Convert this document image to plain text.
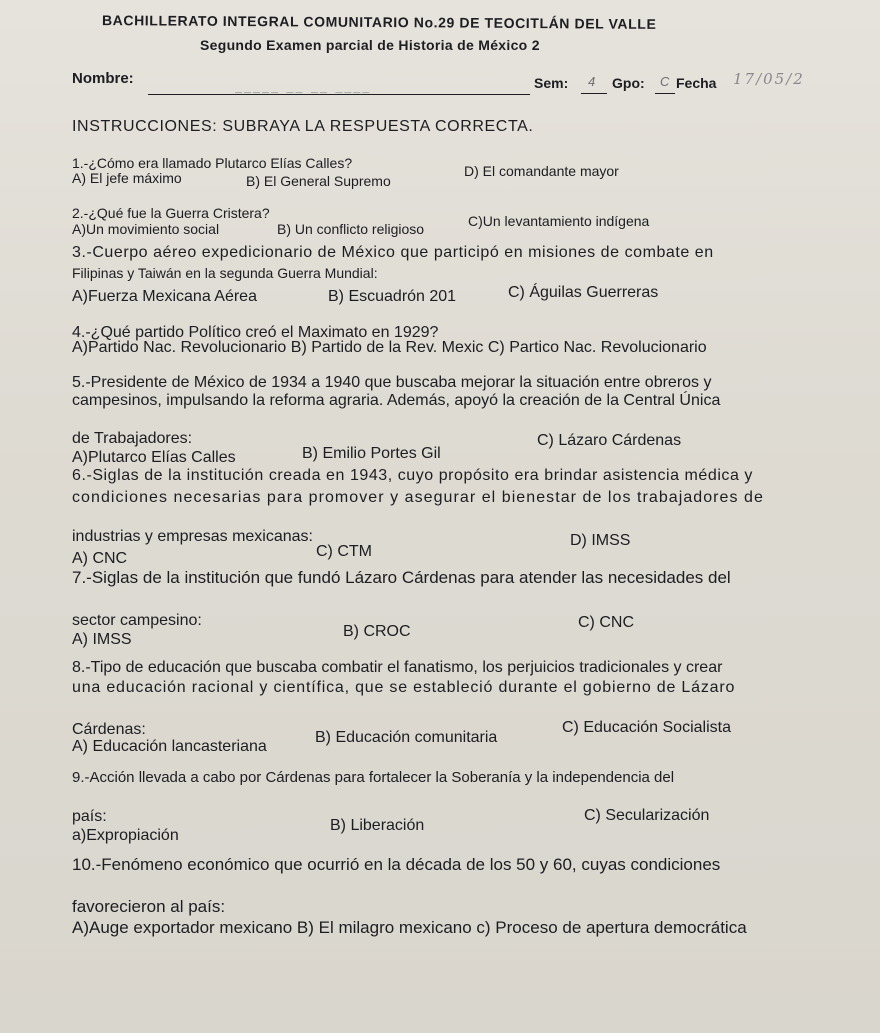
BACHILLERATO INTEGRAL COMUNITARIO No.29 DE TEOCITLÁN DEL VALLE
Segundo Examen parcial de Historia de México 2
Nombre:	_____ __ __ ____	Sem: 4 Gpo: C Fecha 17/05/2
INSTRUCCIONES: SUBRAYA LA RESPUESTA CORRECTA.
1.-¿Cómo era llamado Plutarco Elías Calles?
A) El jefe máximo	B) El General Supremo
D) El comandante mayor
2.-¿Qué fue la Guerra Cristera?
A)Un movimiento social	B) Un conflicto religioso	C)Un levantamiento indígena
3.-Cuerpo aéreo expedicionario de México que participó en misiones de combate en
Filipinas y Taiwán en la segunda Guerra Mundial:
A)Fuerza Mexicana Aérea	B) Escuadrón 201	C) Águilas Guerreras
4.-¿Qué partido Político creó el Maximato en 1929?
A)Partido Nac. Revolucionario B) Partido de la Rev. Mexic C) Partico Nac. Revolucionario
5.-Presidente de México de 1934 a 1940 que buscaba mejorar la situación entre obreros y
campesinos, impulsando la reforma agraria. Además, apoyó la creación de la Central Única
de Trabajadores:
A)Plutarco Elías Calles	B) Emilio Portes Gil
C) Lázaro Cárdenas
6.-Siglas de la institución creada en 1943, cuyo propósito era brindar asistencia médica y
condiciones necesarias para promover y asegurar el bienestar de los trabajadores de
industrias y empresas mexicanas:
A) CNC	C) CTM
D) IMSS
7.-Siglas de la institución que fundó Lázaro Cárdenas para atender las necesidades del
sector campesino:
A) IMSS	B) CROC
C) CNC
8.-Tipo de educación que buscaba combatir el fanatismo, los perjuicios tradicionales y crear
una educación racional y científica, que se estableció durante el gobierno de Lázaro
Cárdenas:
A) Educación lancasteriana
B) Educación comunitaria
C) Educación Socialista
9.-Acción llevada a cabo por Cárdenas para fortalecer la Soberanía y la independencia del
país:
a)Expropiación
B) Liberación
C) Secularización
10.-Fenómeno económico que ocurrió en la década de los 50 y 60, cuyas condiciones
favorecieron al país:
A)Auge exportador mexicano B) El milagro mexicano c) Proceso de apertura democrática
